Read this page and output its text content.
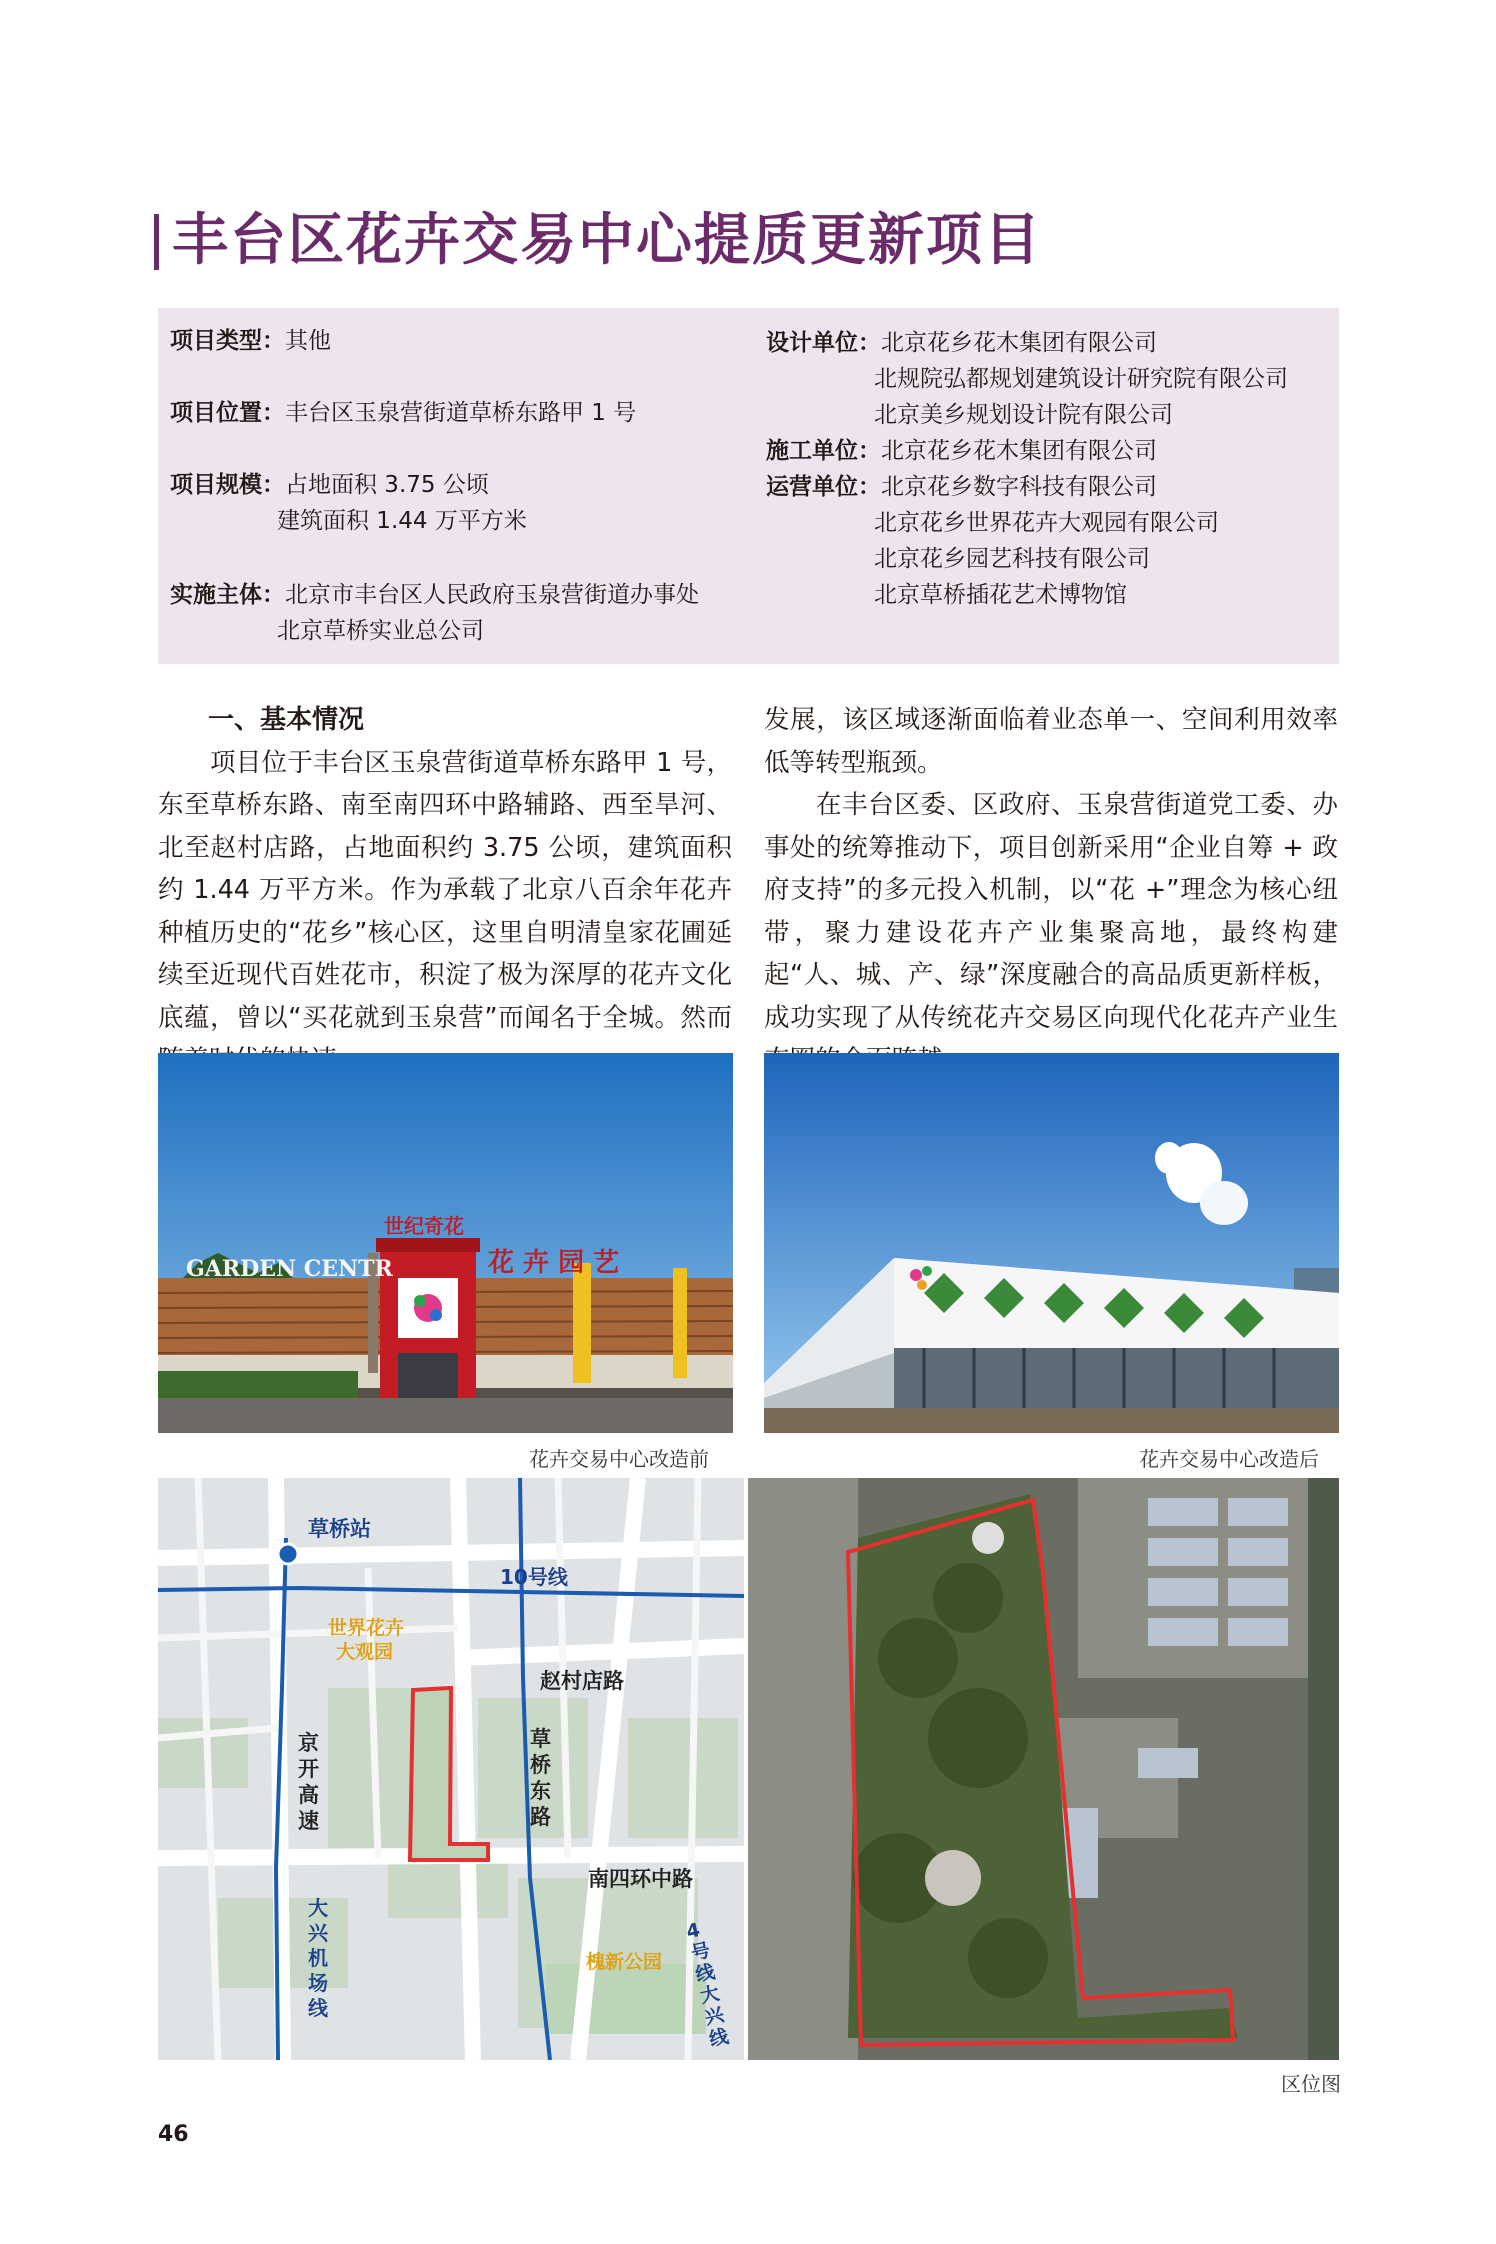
丰台区花卉交易中心提质更新项目
项目类型：其他
项目位置：丰台区玉泉营街道草桥东路甲 1 号
项目规模：占地面积 3.75 公顷
建筑面积 1.44 万平方米
实施主体：北京市丰台区人民政府玉泉营街道办事处
北京草桥实业总公司
设计单位：北京花乡花木集团有限公司
北规院弘都规划建筑设计研究院有限公司
北京美乡规划设计院有限公司
施工单位：北京花乡花木集团有限公司
运营单位：北京花乡数字科技有限公司
北京花乡世界花卉大观园有限公司
北京花乡园艺科技有限公司
北京草桥插花艺术博物馆
一、基本情况

项目位于丰台区玉泉营街道草桥东路甲 1 号，东至草桥东路、南至南四环中路辅路、西至旱河、北至赵村店路，占地面积约 3.75 公顷，建筑面积约 1.44 万平方米。作为承载了北京八百余年花卉种植历史的“花乡”核心区，这里自明清皇家花圃延续至近现代百姓花市，积淀了极为深厚的花卉文化底蕴，曾以“买花就到玉泉营”而闻名于全城。然而

发展，该区域逐渐面临着业态单一、空间利用效率低等转型瓶颈。

在丰台区委、区政府、玉泉营街道党工委、办事处的统筹推动下，项目创新采用“企业自筹 + 政府支持”的多元投入机制，以“花 +”理念为核心纽带，聚力建设花卉产业集聚高地，最终构建起“人、城、产、绿”深度融合的高品质更新样板，成功实现了从传统花卉交易区向现代化花卉产业生

GARDEN CENTR	花 卉 园 艺
世纪奇花
花卉交易中心改造前	花卉交易中心改造后
草桥站
10号线
世界花卉
大观园
赵村店路
槐新公园
南四环中路
草桥东路
京开高速
大兴机场线
4号线大兴线
区位图
46
